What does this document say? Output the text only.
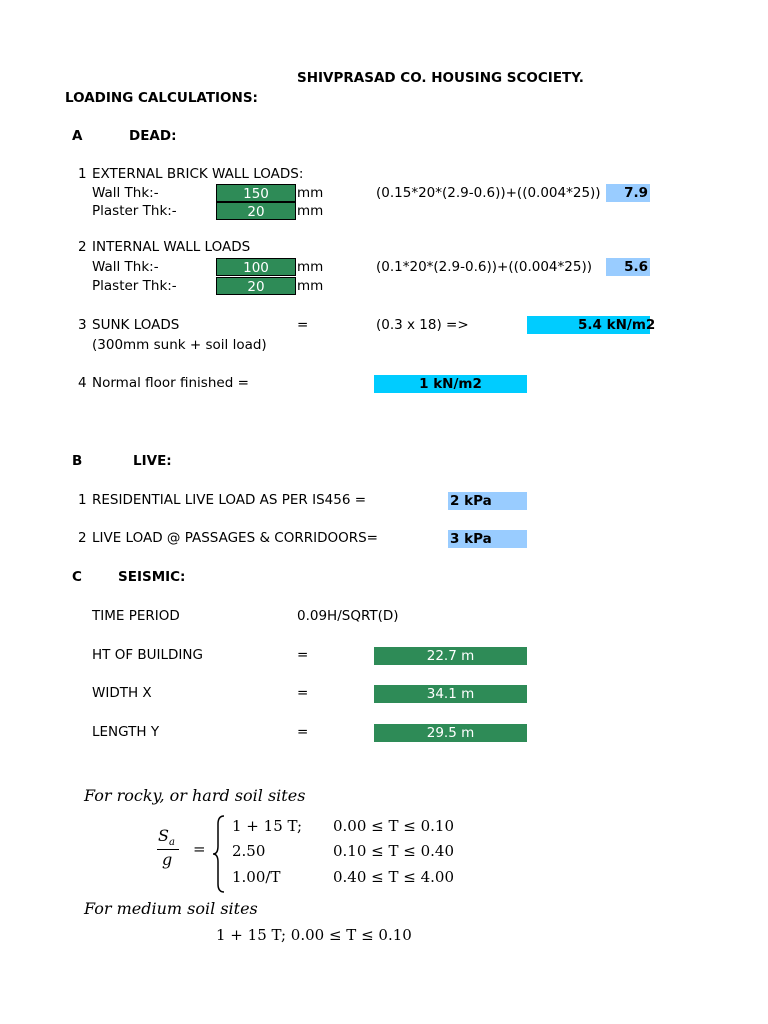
SHIVPRASAD CO. HOUSING SCOCIETY.
LOADING CALCULATIONS:
A	DEAD:
1 EXTERNAL BRICK WALL LOADS:
Wall Thk:-	150	mm	(0.15*20*(2.9-0.6))+((0.004*25))	7.9
Plaster Thk:-	20	mm
2 INTERNAL WALL LOADS
Wall Thk:-	100	mm	(0.1*20*(2.9-0.6))+((0.004*25))	5.6
Plaster Thk:-	20	mm
3 SUNK LOADS	=	(0.3 x 18) =>	5.4 kN/m2
(300mm sunk + soil load)
4 Normal floor finished =	1 kN/m2
B	LIVE:
1 RESIDENTIAL LIVE LOAD AS PER IS456 =	2 kPa
2 LIVE LOAD @ PASSAGES & CORRIDOORS=	3 kPa
C	SEISMIC:
TIME PERIOD	0.09H/SQRT(D)
HT OF BUILDING	=	22.7 m
WIDTH X	=	34.1 m
LENGTH Y	=	29.5 m
For rocky, or hard soil sites
$S_a$
g
=
1 + 15 T; 0.00 ≤ T ≤ 0.10
2.50	0.10 ≤ T ≤ 0.40
1.00/T	0.40 ≤ T ≤ 4.00
For medium soil sites
1 + 15 T; 0.00 ≤ T ≤ 0.10
